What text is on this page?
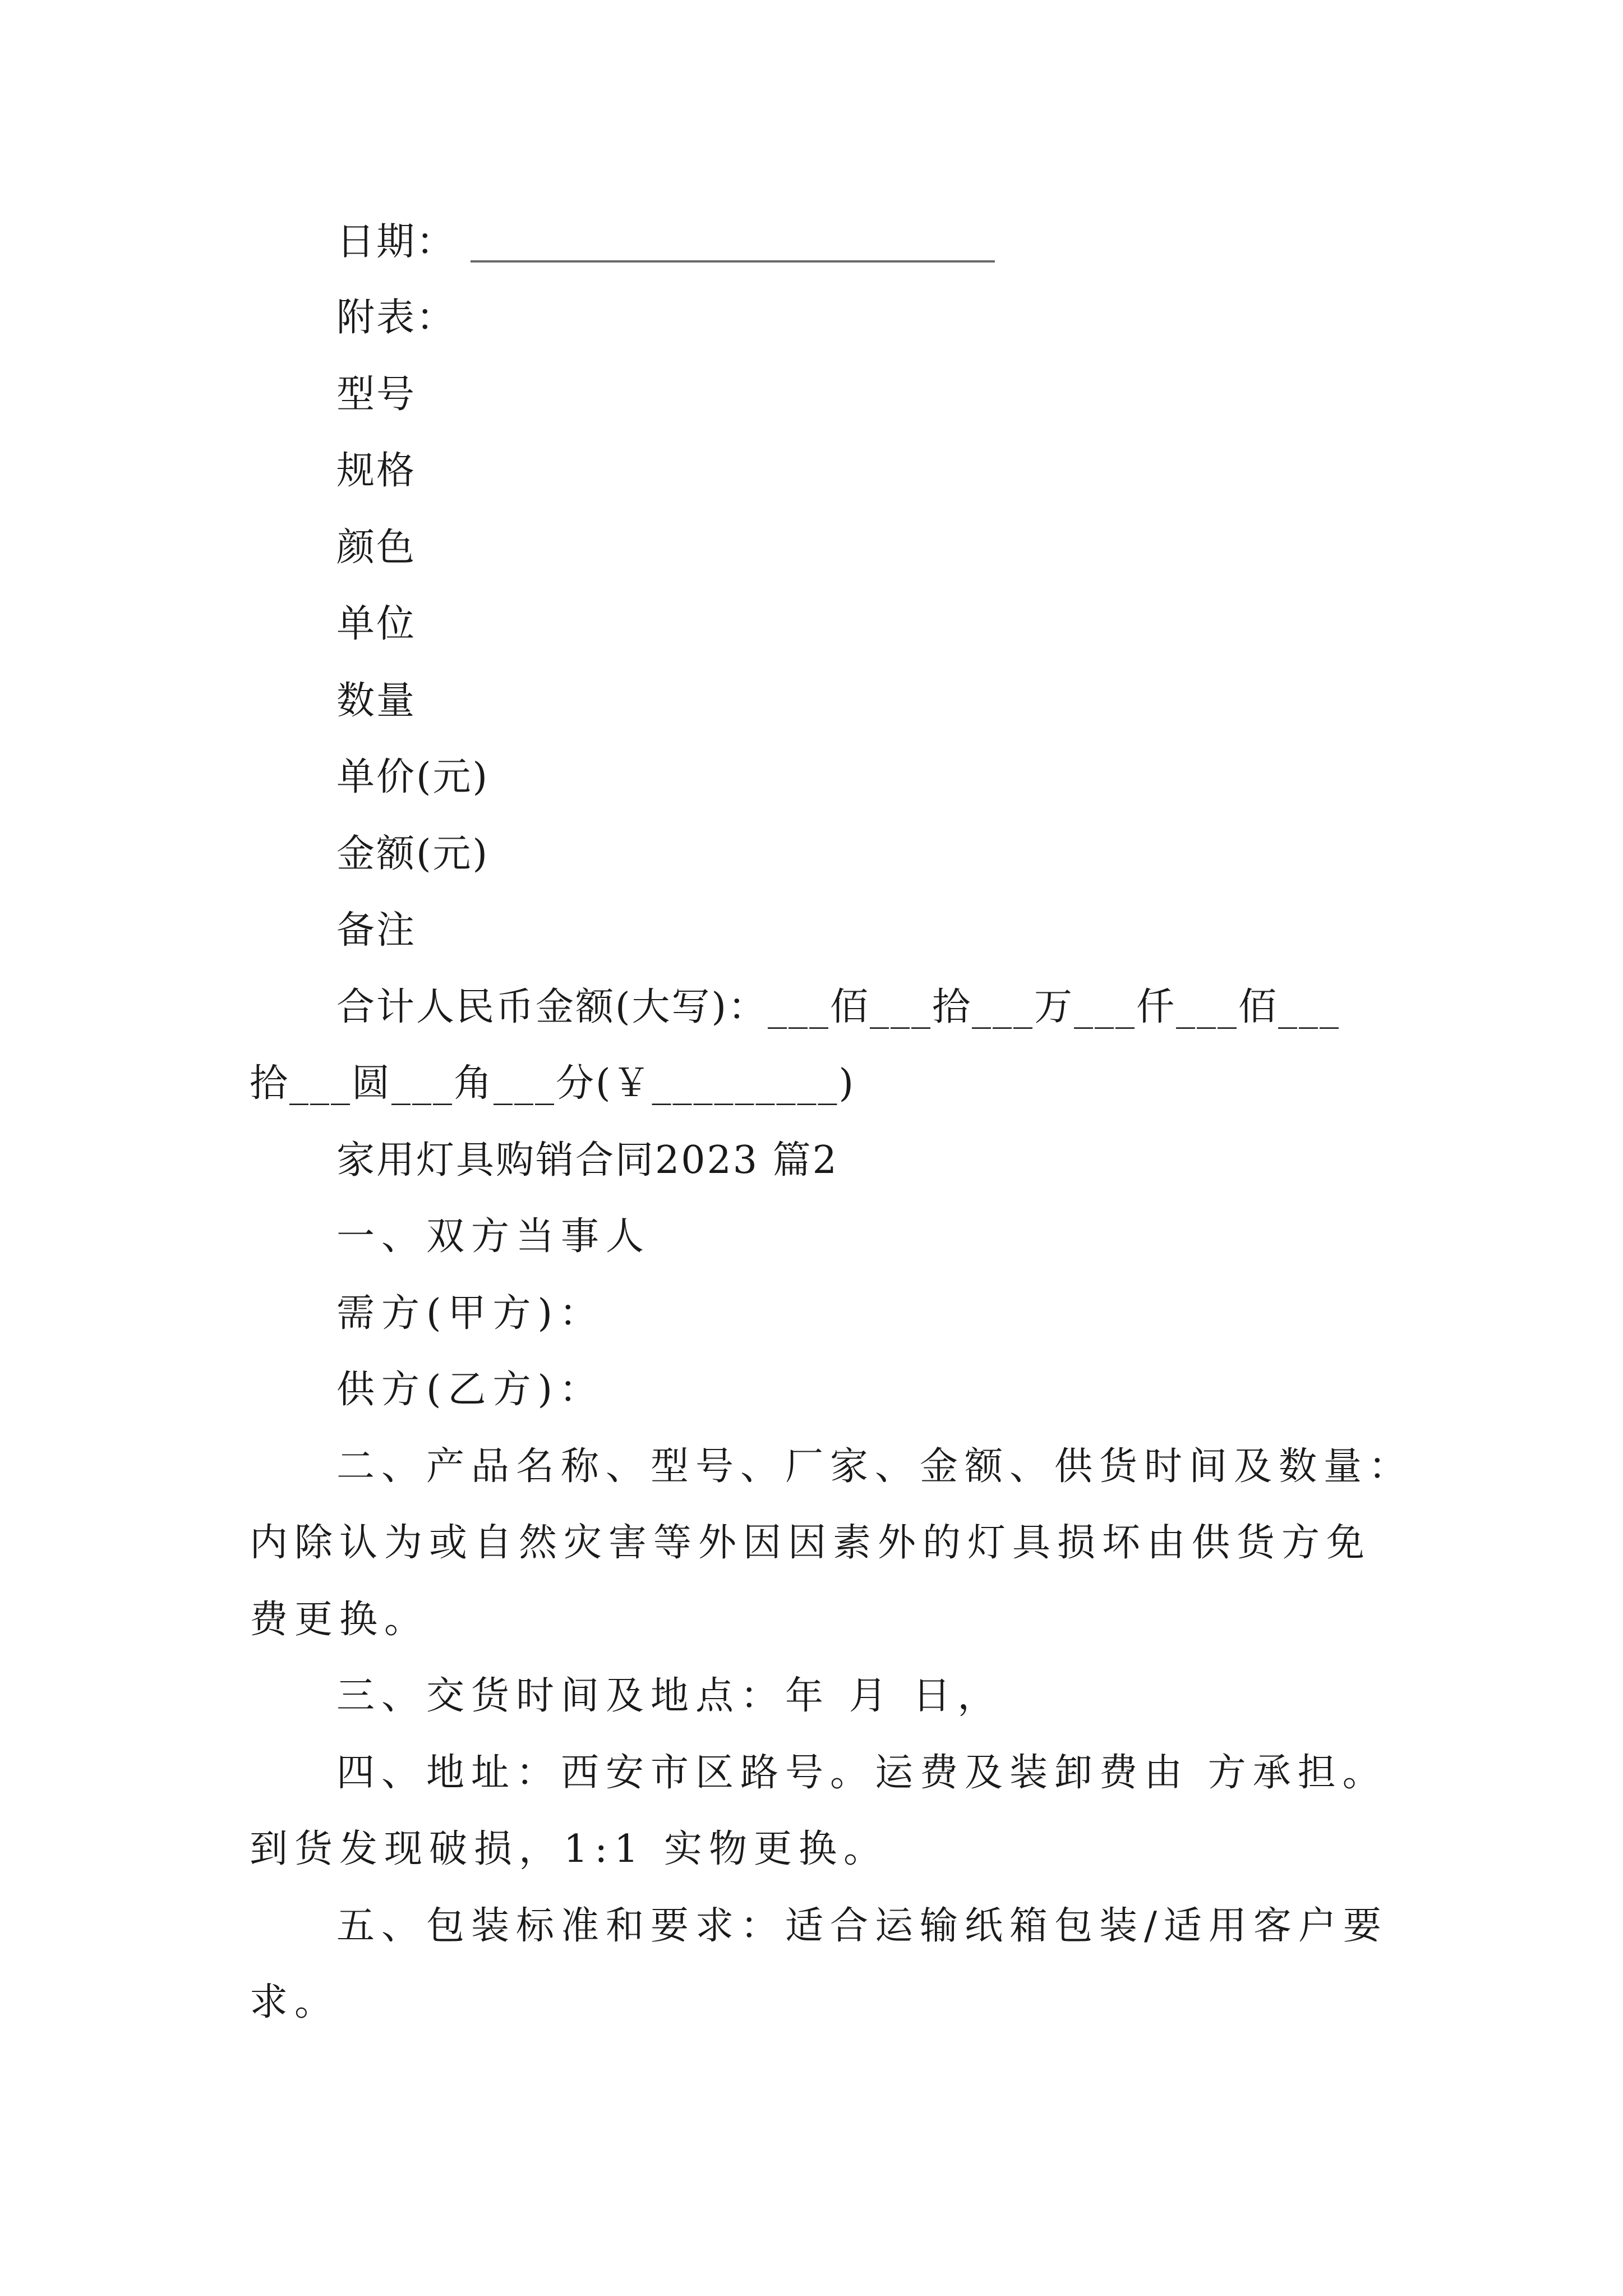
日期：
附表：
型号
规格
颜色
单位
数量
单价(元)
金额(元)
备注
合计人民币金额(大写)：___佰___拾___万___仟___佰___
拾___圆___角___分(￥_________)
家用灯具购销合同2023 篇2
一、双方当事人
需方(甲方)：
供方(乙方)：
二、产品名称、型号、厂家、金额、供货时间及数量：
内除认为或自然灾害等外因因素外的灯具损坏由供货方免
费更换。
三、交货时间及地点：年 月 日，
四、地址：西安市区路号。运费及装卸费由 方承担。
到货发现破损，1:1 实物更换。
五、包装标准和要求：适合运输纸箱包装/适用客户要
求。
